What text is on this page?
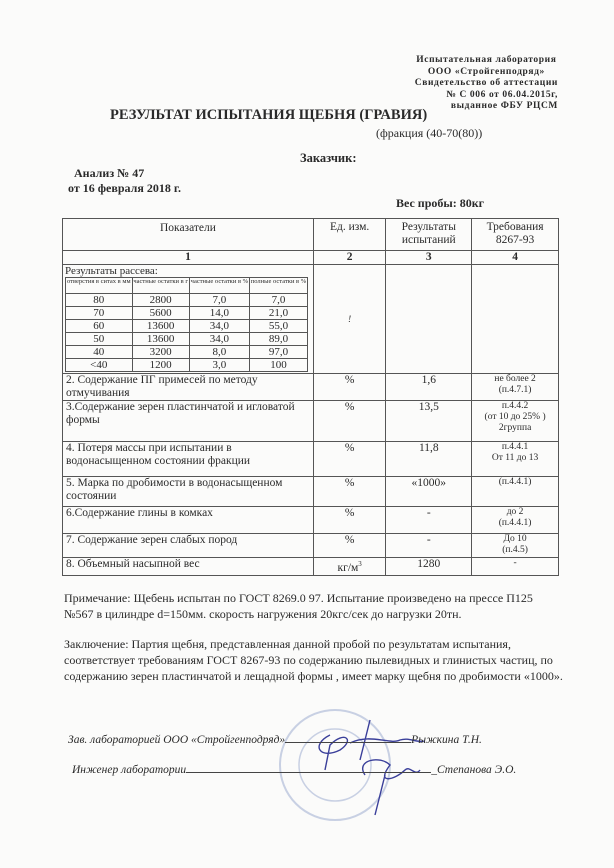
Испытательная лаборатория
ООО «Стройгенподряд»
Свидетельство об аттестации
№ С 006 от 06.04.2015г,
выданное ФБУ РЦСМ
РЕЗУЛЬТАТ ИСПЫТАНИЯ ЩЕБНЯ (ГРАВИЯ)
(фракция (40-70(80))
Заказчик:
Анализ № 47
от 16 февраля 2018 г.
Вес пробы: 80кг
Показатели	Ед. изм.	Результаты испытаний	Требования 8267-93
1	2	3	4

Результаты рассева:
отверстия в ситах в мм	частные остатки в г	частные остатки в %	полные остатки в %
80	2800	7,0	7,0
70	5600	14,0	21,0
60	13600	34,0	55,0
50	13600	34,0	89,0
40	3200	8,0	97,0
<40	1200	3,0	100
	!		
2. Содержание ПГ примесей по методу отмучивания	%	1,6	не более 2
(п.4.7.1)

3.Содержание зерен пластинчатой и игловатой формы	%	13,5	п.4.4.2
(от 10 до 25% )
2группа

4. Потеря массы при испытании в водонасыщенном состоянии фракции	%	11,8	п.4.4.1
От 11 до 13

5. Марка по дробимости в водонасыщенном состоянии	%	«1000»	(п.4.4.1)

6.Содержание глины в комках	%	-	до 2
(п.4.4.1)

7. Содержание зерен слабых пород	%	-	До 10
(п.4.5)

8. Объемный насыпной вес	$кг/м^3$	1280	-
Примечание: Щебень испытан по ГОСТ 8269.0 97. Испытание произведено на прессе П125 №567 в цилиндре d=150мм. скорость нагружения 20кгс/сек до нагрузки 20тн.
Заключение: Партия щебня, представленная данной пробой по результатам испытания, соответствует требованиям ГОСТ 8267-93 по содержанию пылевидных и глинистых частиц, по содержанию зерен пластинчатой и лещадной формы , имеет марку щебня по дробимости «1000».
Зав. лабораторией ООО «Стройгенподряд»	Рыжкина Т.Н.
Инженер лаборатории	_Степанова Э.О.
